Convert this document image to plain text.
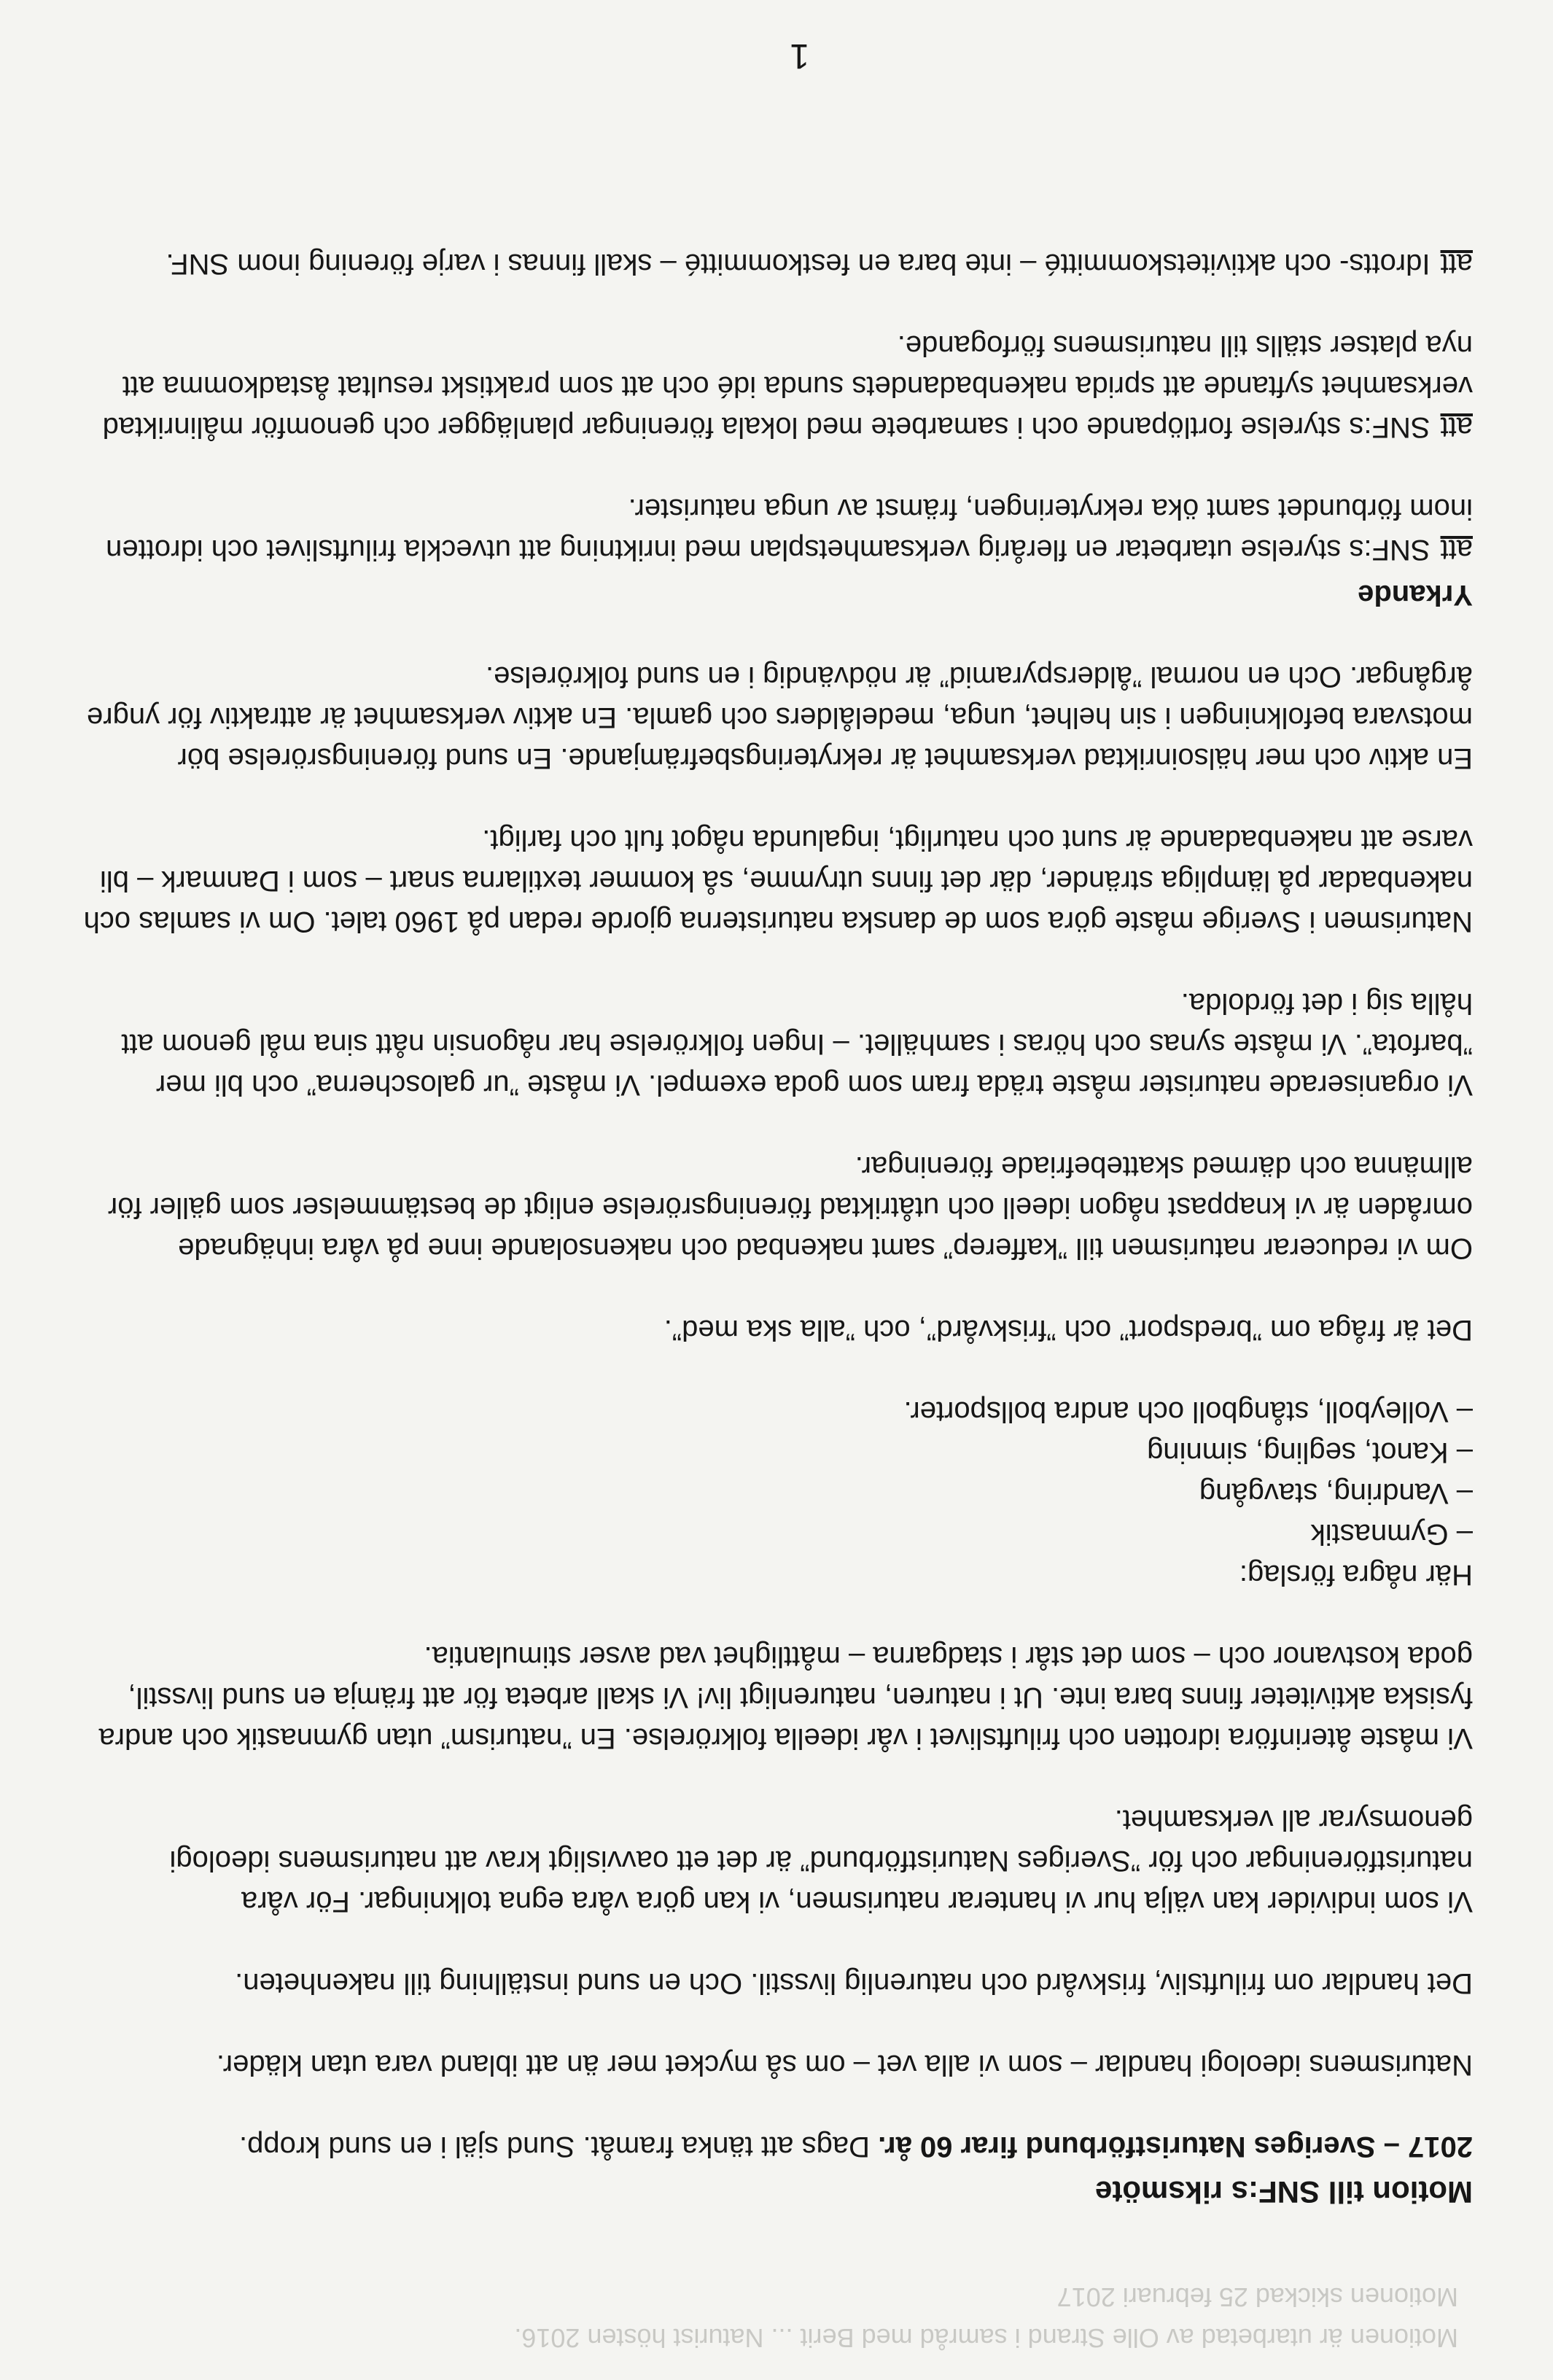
Motionen är utarbetad av Olle Strand i samråd med Berit ... Naturist hösten 2016.
Motionen skickad 25 februari 2017
Motion till SNF:s riksmöte

2017 – Sveriges Naturistförbund firar 60 år. Dags att tänka framåt. Sund själ i en sund kropp.

Naturismens ideologi handlar – som vi alla vet – om så mycket mer än att ibland vara utan kläder.

Det handlar om friluftsliv, friskvård och naturenlig livsstil. Och en sund inställning till nakenheten.

Vi som individer kan välja hur vi hanterar naturismen, vi kan göra våra egna tolkningar. För våra naturistföreningar och för ”Sveriges Naturistförbund” är det ett oavvisligt krav att naturismens ideologi genomsyrar all verksamhet.

Vi måste återinföra idrotten och friluftslivet i vår ideella folkrörelse. En ”naturism” utan gymnastik och andra fysiska aktiviteter finns bara inte. Ut i naturen, naturenligt liv! Vi skall arbeta för att främja en sund livsstil, goda kostvanor och – som det står i stadgarna – måttlighet vad avser stimulantia.

Här några förslag:

– Gymnastik
– Vandring, stavgång
– Kanot, segling, simning
– Volleyboll, stångboll och andra bollsporter.

Det är fråga om ”bredsport” och ”friskvård”, och ”alla ska med”.

Om vi reducerar naturismen till ”kafferep” samt nakenbad och nakensolande inne på våra inhägnade områden är vi knappast någon ideell och utåtriktad föreningsrörelse enligt de bestämmelser som gäller för allmänna och därmed skattebefriade föreningar.

Vi organiserade naturister måste träda fram som goda exempel. Vi måste ”ur galoscherna” och bli mer ”barfota”. Vi måste synas och höras i samhället. – Ingen folkrörelse har någonsin nått sina mål genom att hålla sig i det fördolda.

Naturismen i Sverige måste göra som de danska naturisterna gjorde redan på 1960 talet. Om vi samlas och nakenbadar på lämpliga stränder, där det finns utrymme, så kommer textilarna snart – som i Danmark – bli varse att nakenbadande är sunt och naturligt, ingalunda något fult och farligt.

En aktiv och mer hälsoinriktad verksamhet är rekryteringsbefrämjande. En sund föreningsrörelse bör motsvara befolkningen i sin helhet, unga, medelålders och gamla. En aktiv verksamhet är attraktiv för yngre årgångar. Och en normal ”ålderspyramid” är nödvändig i en sund folkrörelse.

Yrkande
attSNF:s styrelse utarbetar en flerårig verksamhetsplan med inriktning att utveckla friluftslivet och idrotten inom förbundet samt öka rekryteringen, främst av unga naturister.
attSNF:s styrelse fortlöpande och i samarbete med lokala föreningar planlägger och genomför målinriktad verksamhet syftande att sprida nakenbadandets sunda idé och att som praktiskt resultat åstadkomma att nya platser ställs till naturismens förfogande.
attIdrotts- och aktivitetskommitté – inte bara en festkommitté – skall finnas i varje förening inom SNF.
1
